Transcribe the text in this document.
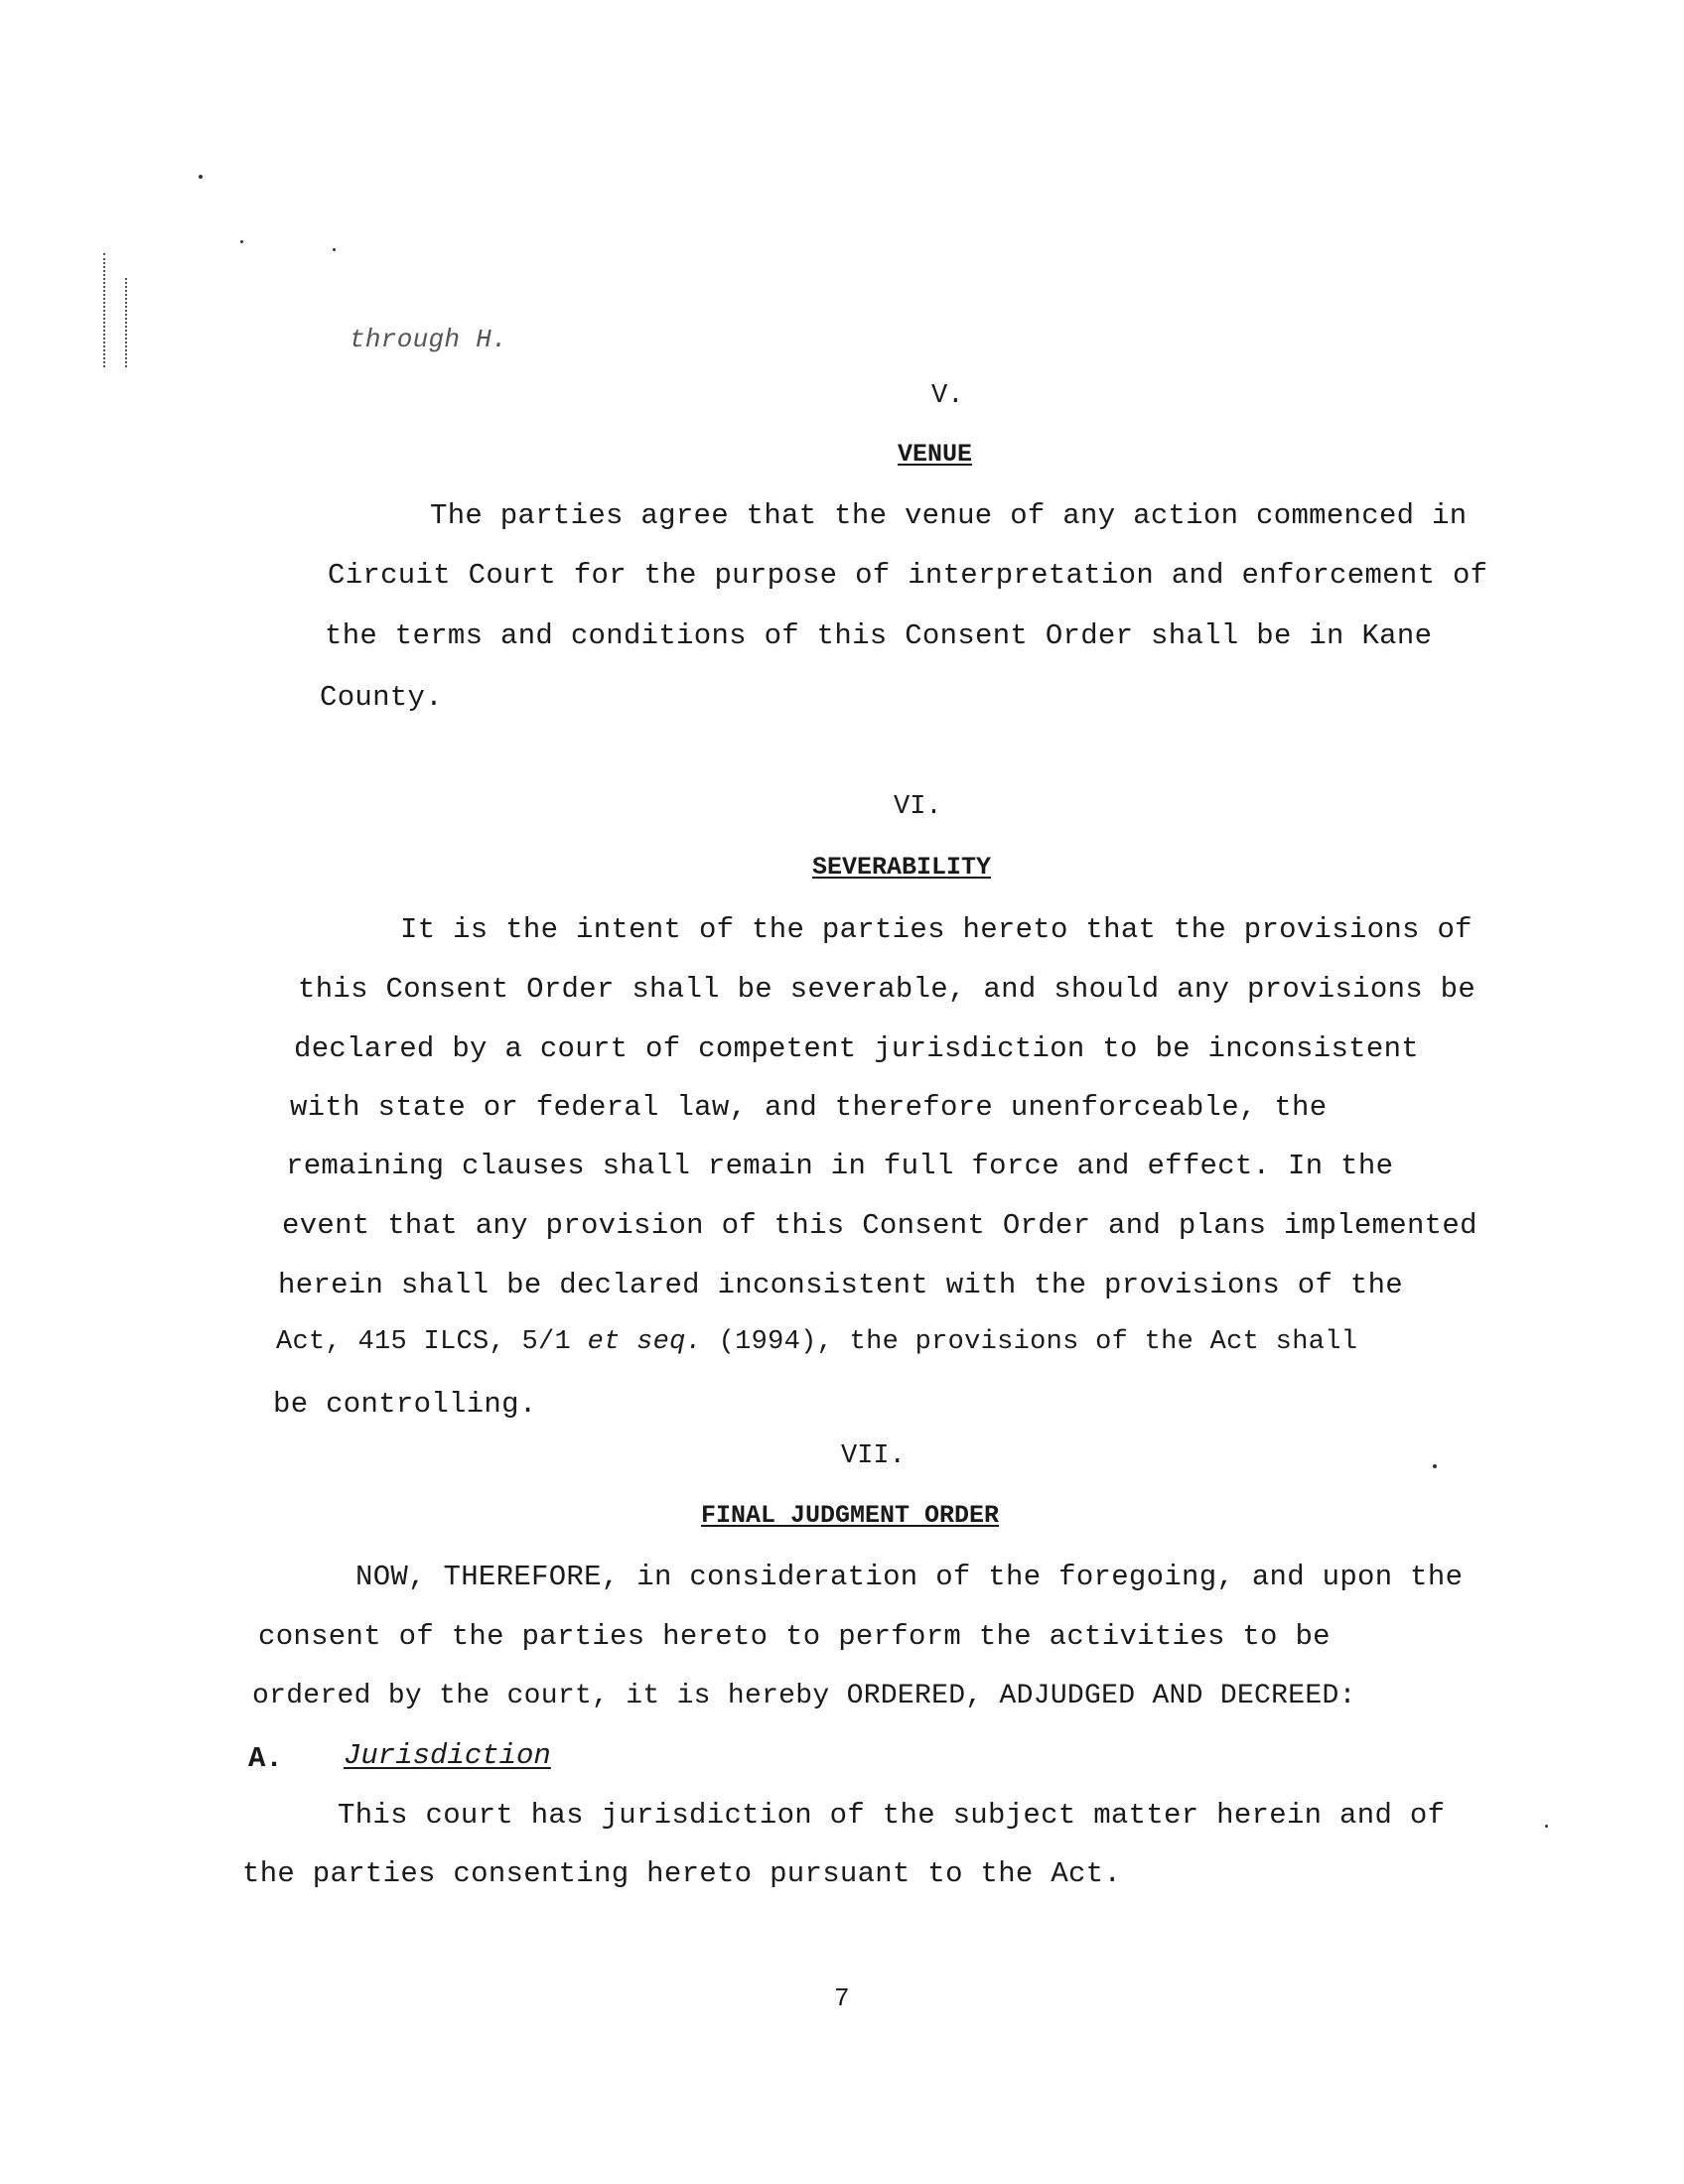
through H.
V.
VENUE
The parties agree that the venue of any action commenced in
Circuit Court for the purpose of interpretation and enforcement of
the terms and conditions of this Consent Order shall be in Kane
County.
VI.
SEVERABILITY
It is the intent of the parties hereto that the provisions of
this Consent Order shall be severable, and should any provisions be
declared by a court of competent jurisdiction to be inconsistent
with state or federal law, and therefore unenforceable, the
remaining clauses shall remain in full force and effect. In the
event that any provision of this Consent Order and plans implemented
herein shall be declared inconsistent with the provisions of the
Act, 415 ILCS, 5/1 et seq. (1994), the provisions of the Act shall
be controlling.
VII.
FINAL JUDGMENT ORDER
NOW, THEREFORE, in consideration of the foregoing, and upon the
consent of the parties hereto to perform the activities to be
ordered by the court, it is hereby ORDERED, ADJUDGED AND DECREED:
A. Jurisdiction
This court has jurisdiction of the subject matter herein and of
the parties consenting hereto pursuant to the Act.
7
